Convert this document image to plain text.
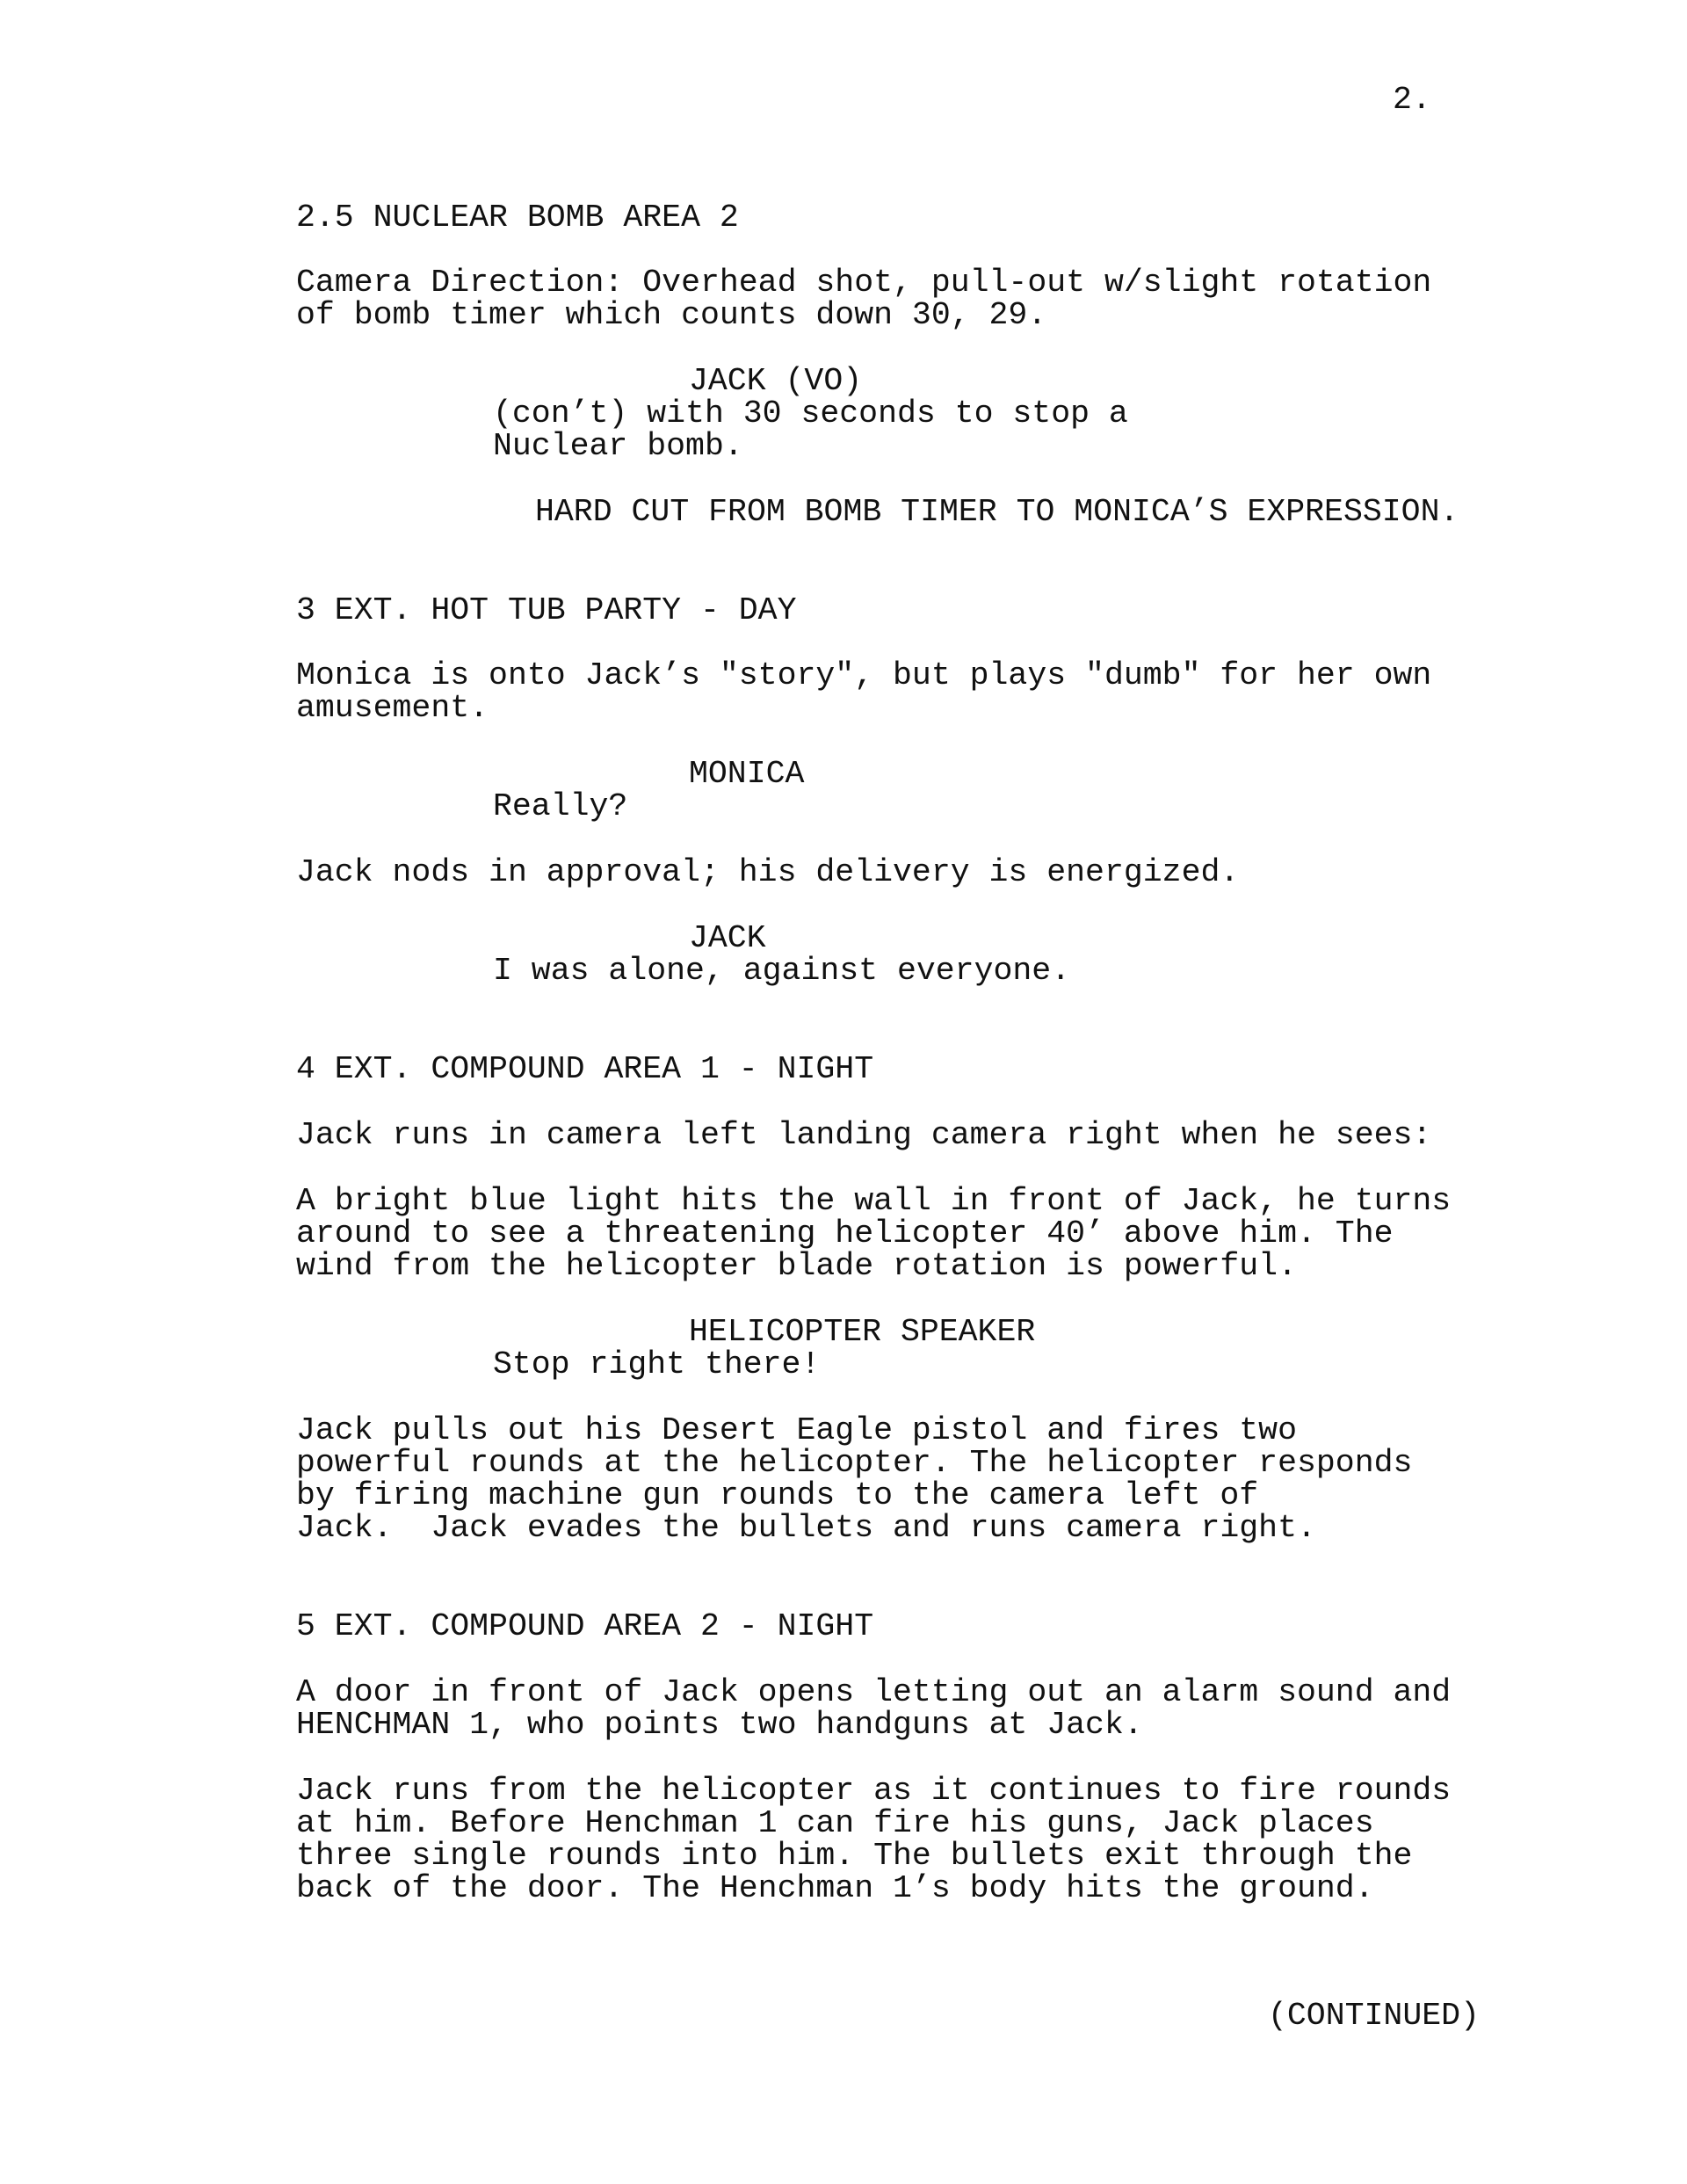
2.
2.5 NUCLEAR BOMB AREA 2
Camera Direction: Overhead shot, pull-out w/slight rotation
of bomb timer which counts down 30, 29.
JACK (VO)
(con’t) with 30 seconds to stop a
Nuclear bomb.
HARD CUT FROM BOMB TIMER TO MONICA’S EXPRESSION.
3 EXT. HOT TUB PARTY - DAY
Monica is onto Jack’s "story", but plays "dumb" for her own
amusement.
MONICA
Really?
Jack nods in approval; his delivery is energized.
JACK
I was alone, against everyone.
4 EXT. COMPOUND AREA 1 - NIGHT
Jack runs in camera left landing camera right when he sees:
A bright blue light hits the wall in front of Jack, he turns
around to see a threatening helicopter 40’ above him. The
wind from the helicopter blade rotation is powerful.
HELICOPTER SPEAKER
Stop right there!
Jack pulls out his Desert Eagle pistol and fires two
powerful rounds at the helicopter. The helicopter responds
by firing machine gun rounds to the camera left of
Jack.  Jack evades the bullets and runs camera right.
5 EXT. COMPOUND AREA 2 - NIGHT
A door in front of Jack opens letting out an alarm sound and
HENCHMAN 1, who points two handguns at Jack.
Jack runs from the helicopter as it continues to fire rounds
at him. Before Henchman 1 can fire his guns, Jack places
three single rounds into him. The bullets exit through the
back of the door. The Henchman 1’s body hits the ground.
(CONTINUED)
